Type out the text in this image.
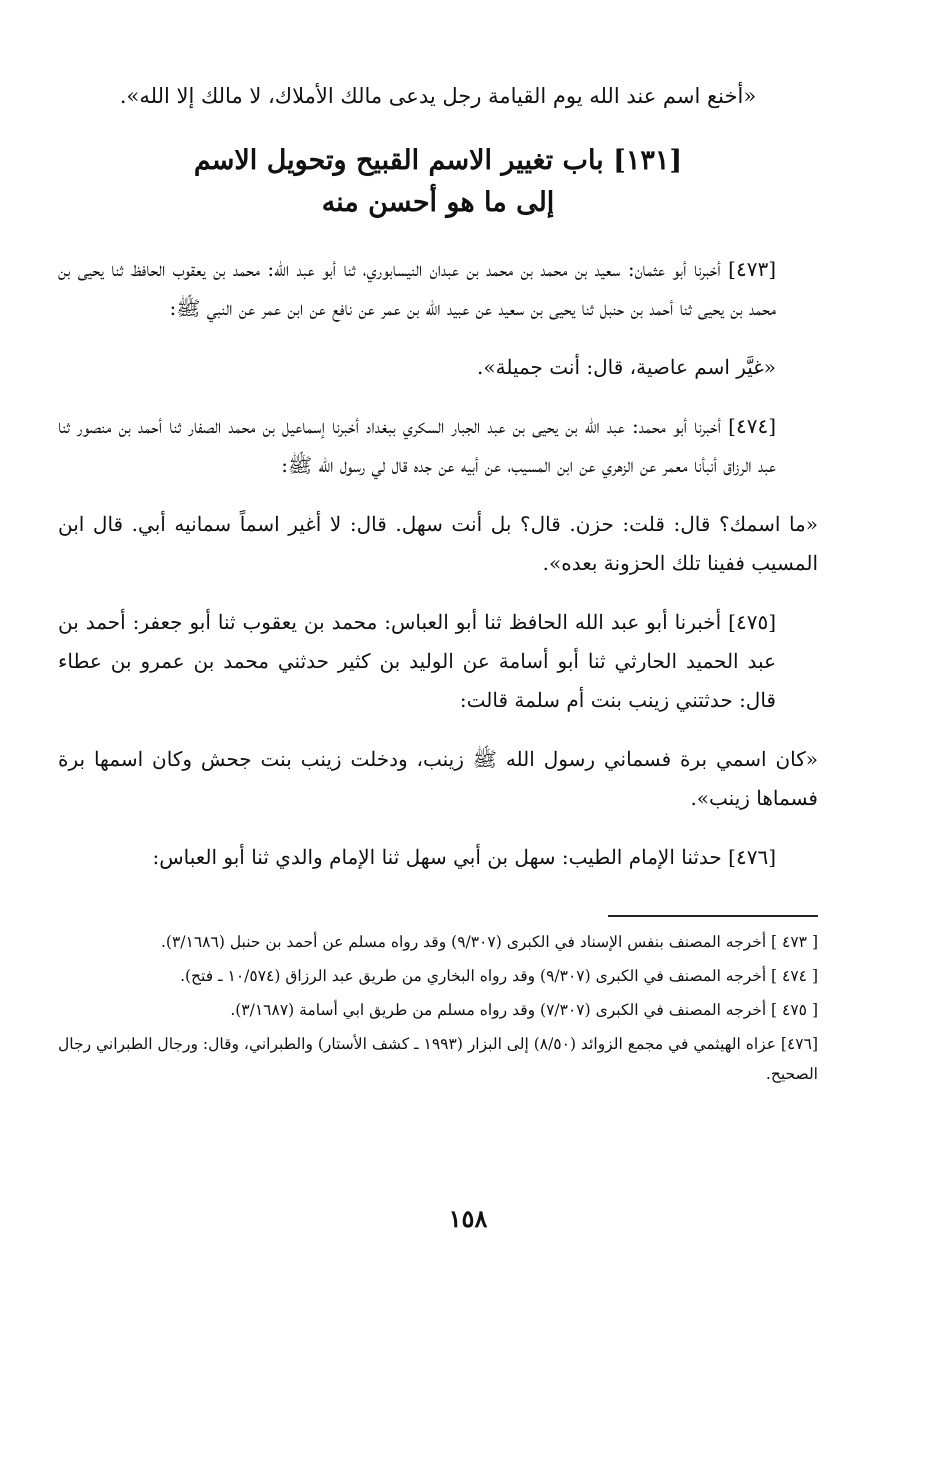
«أخنع اسم عند الله يوم القيامة رجل يدعى مالك الأملاك، لا مالك إلا الله».

[١٣١] باب تغيير الاسم القبيح وتحويل الاسم
إلى ما هو أحسن منه

[٤٧٣] أخبرنا أبو عثمان: سعيد بن محمد بن محمد بن عبدان النيسابوري، ثنا أبو عبد الله: محمد بن يعقوب الحافظ ثنا يحيى بن محمد بن يحيى ثنا أحمد بن حنبل ثنا يحيى بن سعيد عن عبيد الله بن عمر عن نافع عن ابن عمر عن النبي ﷺ:

«غيَّر اسم عاصية، قال: أنت جميلة».

[٤٧٤] أخبرنا أبو محمد: عبد الله بن يحيى بن عبد الجبار السكري ببغداد أخبرنا إسماعيل بن محمد الصفار ثنا أحمد بن منصور ثنا عبد الرزاق أنبأنا معمر عن الزهري عن ابن المسيب، عن أبيه عن جده قال لي رسول الله ﷺ:

«ما اسمك؟ قال: قلت: حزن. قال؟ بل أنت سهل. قال: لا أغير اسماً سمانيه أبي. قال ابن المسيب ففينا تلك الحزونة بعده».

[٤٧٥] أخبرنا أبو عبد الله الحافظ ثنا أبو العباس: محمد بن يعقوب ثنا أبو جعفر: أحمد بن عبد الحميد الحارثي ثنا أبو أسامة عن الوليد بن كثير حدثني محمد بن عمرو بن عطاء قال: حدثتني زينب بنت أم سلمة قالت:

«كان اسمي برة فسماني رسول الله ﷺ زينب، ودخلت زينب بنت جحش وكان اسمها برة فسماها زينب».

[٤٧٦] حدثنا الإمام الطيب: سهل بن أبي سهل ثنا الإمام والدي ثنا أبو العباس:

[ ٤٧٣ ] أخرجه المصنف بنفس الإسناد في الكبرى (٩/٣٠٧) وقد رواه مسلم عن أحمد بن حنبل (٣/١٦٨٦).

[ ٤٧٤ ] أخرجه المصنف في الكبرى (٩/٣٠٧) وقد رواه البخاري من طريق عبد الرزاق (١٠/٥٧٤ ـ فتح).

[ ٤٧٥ ] أخرجه المصنف في الكبرى (٧/٣٠٧) وقد رواه مسلم من طريق ابي أسامة (٣/١٦٨٧).

[٤٧٦] عزاه الهيثمي في مجمع الزوائد (٨/٥٠) إلى البزار (١٩٩٣ ـ كشف الأستار) والطبراني، وقال: ورجال الطبراني رجال الصحيح.

١٥٨
